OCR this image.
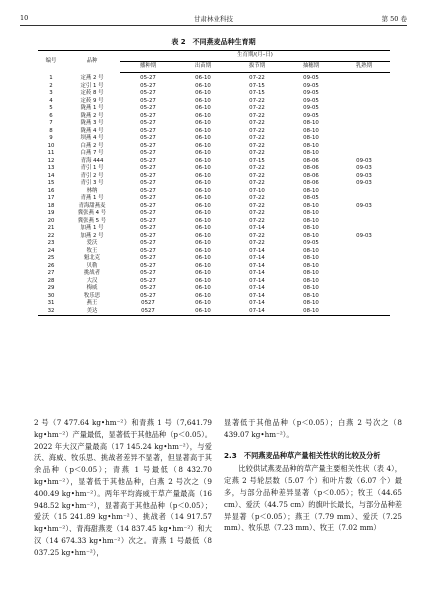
10	甘肃林业科技	第 50 卷
表 2　不同燕麦品种生育期
编号	品种	生育期/(月–日)				
		播种期	出苗期	拔节期	抽穗期	乳熟期
1	定燕 2 号	05-27	06-10	07-22	09-05	
2	定引 1 号	05-27	06-10	07-15	09-05	
3	定莜 8 号	05-27	06-10	07-15	09-05	
4	定莜 9 号	05-27	06-10	07-22	09-05	
5	陇燕 1 号	05-27	06-10	07-22	09-05	
6	陇燕 2 号	05-27	06-10	07-22	09-05	
7	陇燕 3 号	05-27	06-10	07-22	08-10	
8	陇燕 4 号	05-27	06-10	07-22	08-10	
9	坝燕 4 号	05-27	06-10	07-22	08-10	
10	白燕 2 号	05-27	06-10	07-22	08-10	
11	白燕 7 号	05-27	06-10	07-22	08-10	
12	青海 444	05-27	06-10	07-15	08-06	09-03
13	青引 1 号	05-27	06-10	07-22	08-06	09-03
14	青引 2 号	05-27	06-10	07-22	08-06	09-03
15	青引 3 号	05-27	06-10	07-22	08-06	09-03
16	林纳	05-27	06-10	07-10	08-10	
17	青燕 1 号	05-27	06-10	07-22	08-05	
18	青海甜燕麦	05-27	06-10	07-22	08-10	09-03
19	冀张燕 4 号	05-27	06-10	07-22	08-10	
20	冀张燕 5 号	05-27	06-10	07-22	08-10	
21	加燕 1 号	05-27	06-10	07-14	08-10	
22	加燕 2 号	05-27	06-10	07-22	08-10	09-03
23	爱沃	05-27	06-10	07-22	09-05	
24	牧王	05-27	06-10	07-14	08-10	
25	魁北克	05-27	06-10	07-14	08-10	
26	贝勒	05-27	06-10	07-14	08-10	
27	挑战者	05-27	06-10	07-14	08-10	
28	大汉	05-27	06-10	07-14	08-10	
29	梅威	05-27	06-10	07-14	08-10	
30	牧乐思	05-27	06-10	07-14	08-10	
31	燕王	0527	06-10	07-14	08-10	
32	美达	0527	06-10	07-14	08-10	

2 号（7 477.64 kg•hm⁻²）和青燕 1 号（7,641.79 kg•hm⁻²）产量最低，显著低于其他品种（p＜0.05）。2022 年大汉产量最高（17 145.24 kg•hm⁻²），与爱沃、海威、牧乐思、挑战者差异不显著，但显著高于其余品种（p＜0.05）；青燕 1 号最低（8 432.70 kg•hm⁻²），显著低于其他品种，白燕 2 号次之（9 400.49 kg•hm⁻²）。两年平均海威干草产量最高（16 948.52 kg•hm⁻²），显著高于其他品种（p＜0.05）；爱沃（15 241.89 kg•hm⁻²）、挑战者（14 917.57 kg•hm⁻²）、青海甜燕麦（14 837.45 kg•hm⁻²）和大汉（14 674.33 kg•hm⁻²）次之。青燕 1 号最低（8 037.25 kg•hm⁻²），

显著低于其他品种（p＜0.05）；白燕 2 号次之（8 439.07 kg•hm⁻²）。

2.3　不同燕麦品种草产量相关性状的比较及分析

比较供试燕麦品种的草产量主要相关性状（表 4），定燕 2 号轮层数（5.07 个）和叶片数（6.07 个）最多，与部分品种差异显著（p＜0.05）；牧王（44.65 cm）、爱沃（44.75 cm）的旗叶长最长，与部分品种差异显著（p＜0.05）；燕王（7.79 mm）、爱沃（7.25 mm）、牧乐思（7.23 mm）、牧王（7.02 mm）
